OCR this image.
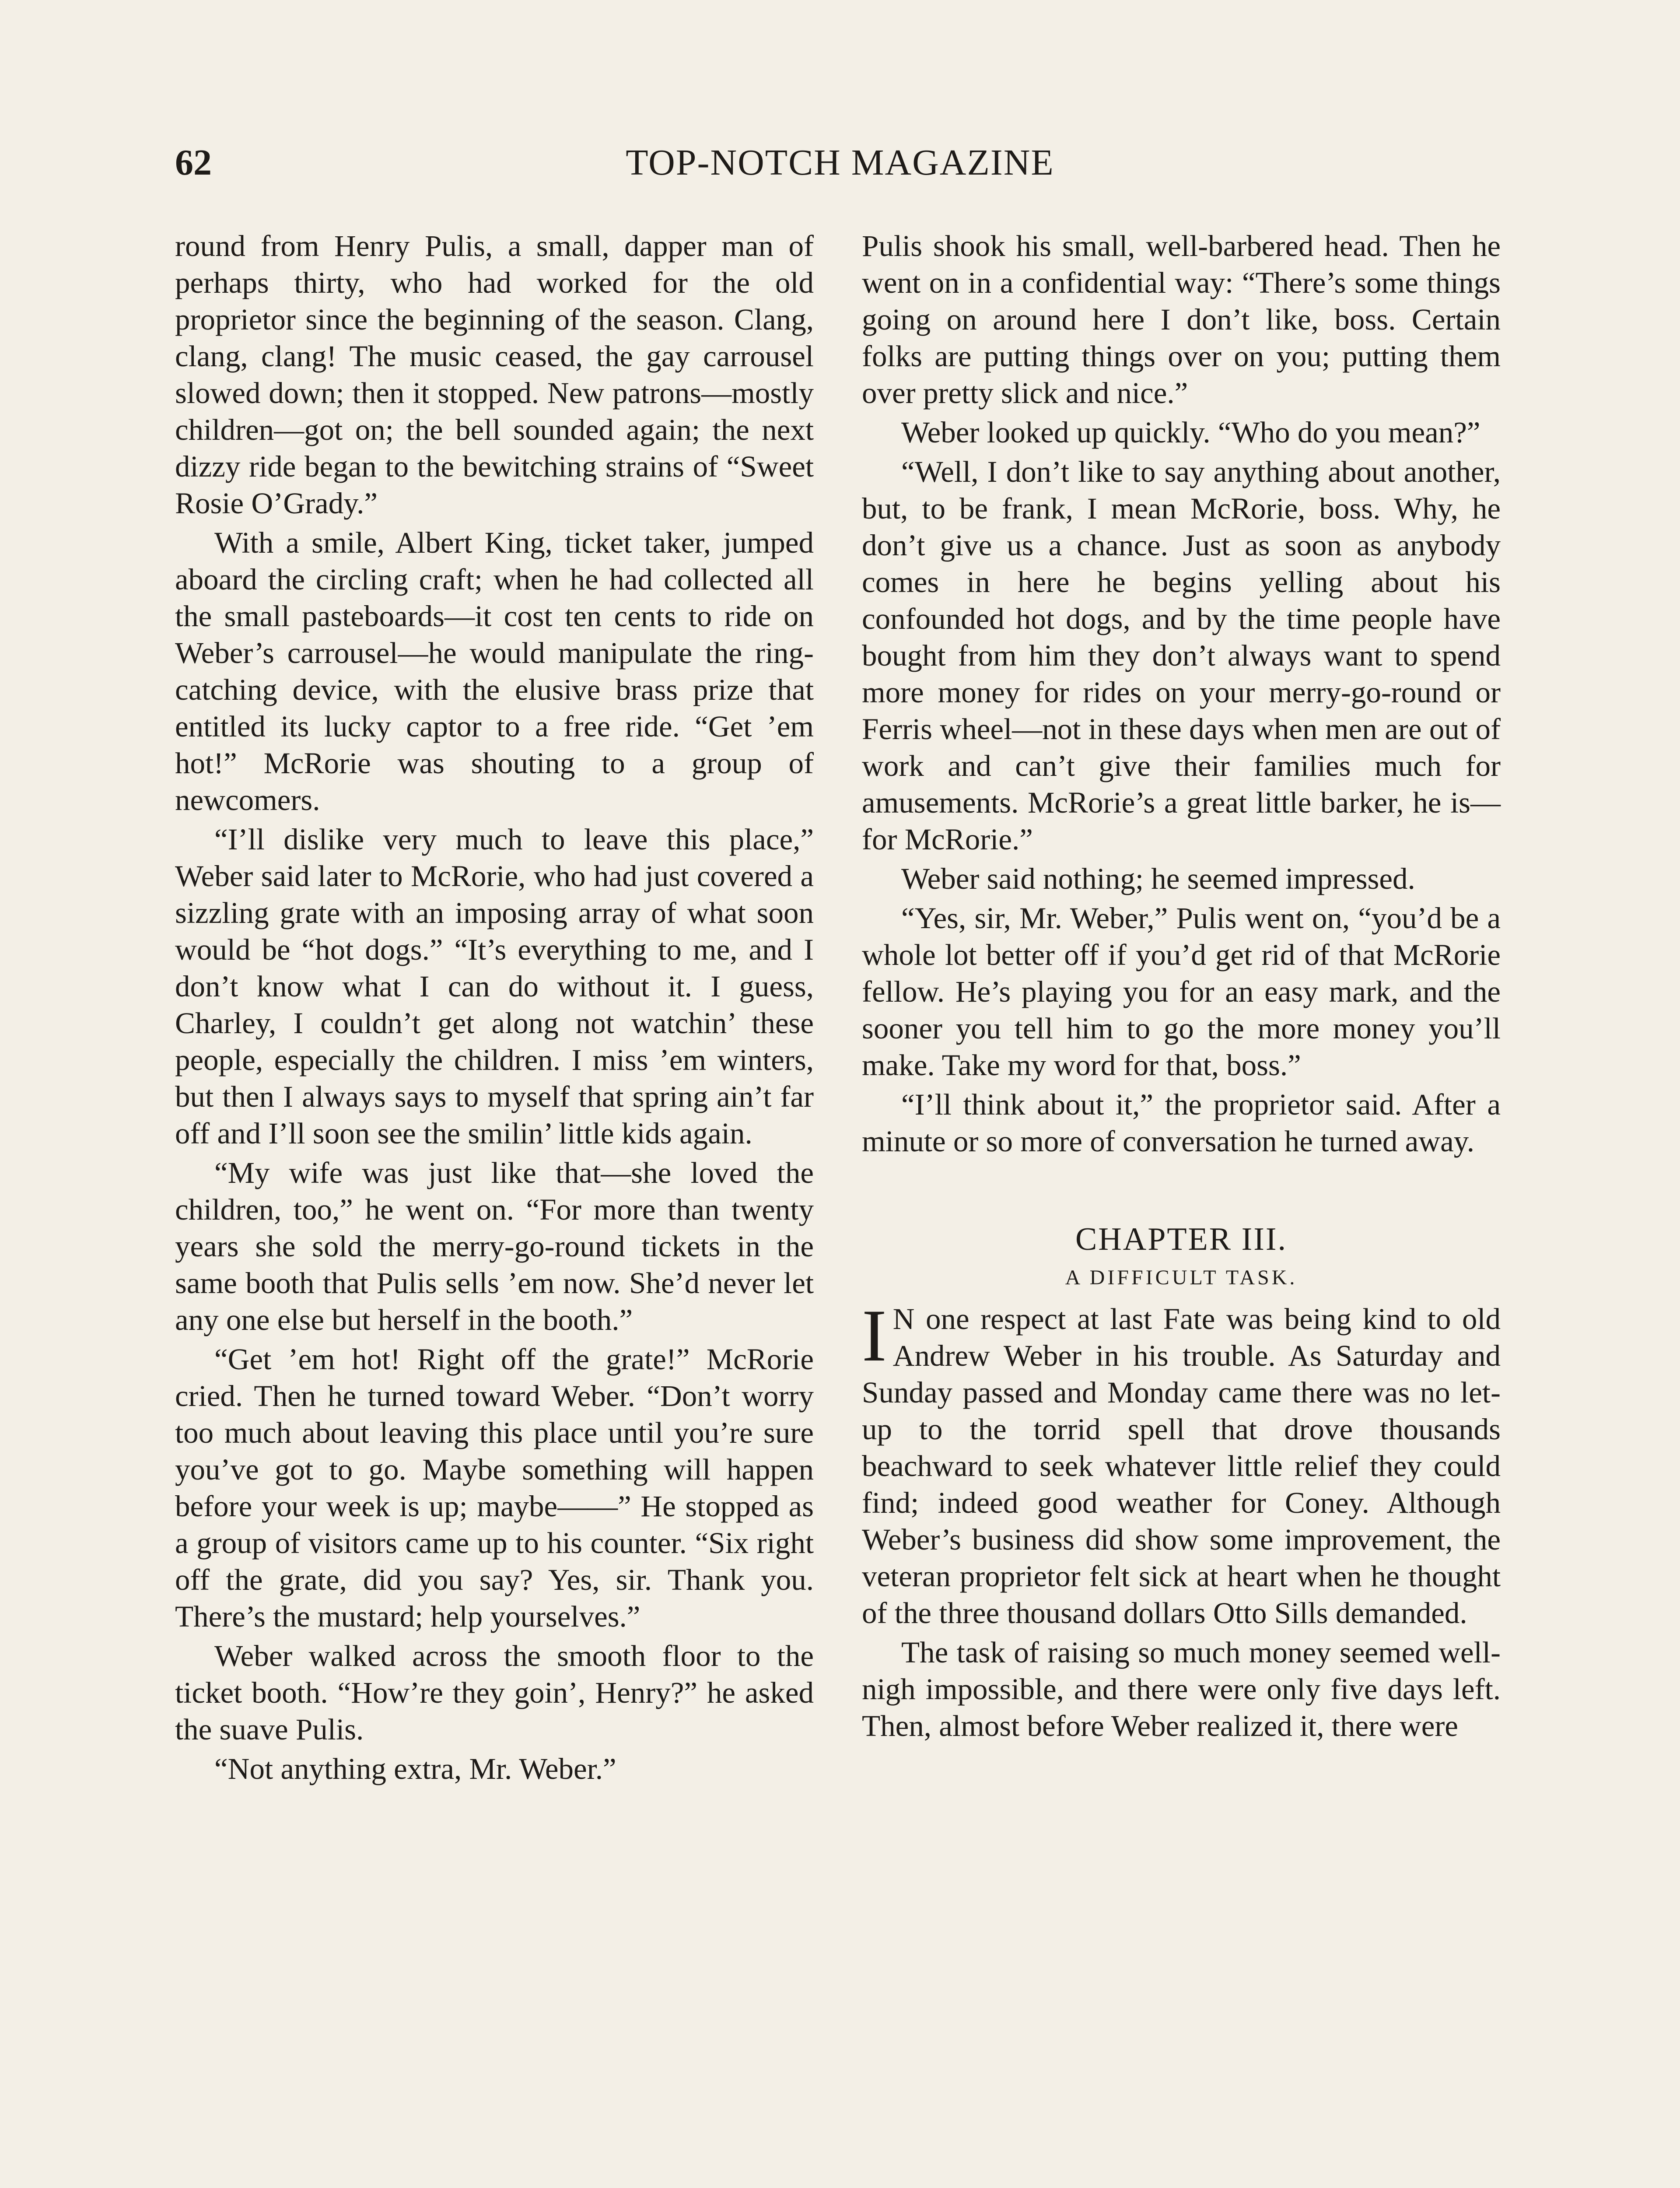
62	TOP-NOTCH MAGAZINE

round from Henry Pulis, a small, dapper man of perhaps thirty, who had worked for the old proprietor since the beginning of the season. Clang, clang, clang! The music ceased, the gay carrousel slowed down; then it stopped. New patrons—mostly children—got on; the bell sounded again; the next dizzy ride began to the bewitching strains of “Sweet Rosie O’Grady.”

With a smile, Albert King, ticket taker, jumped aboard the circling craft; when he had collected all the small pasteboards—it cost ten cents to ride on Weber’s carrousel—he would manipulate the ring-catching device, with the elusive brass prize that entitled its lucky captor to a free ride. “Get ’em hot!” McRorie was shouting to a group of newcomers.

“I’ll dislike very much to leave this place,” Weber said later to McRorie, who had just covered a sizzling grate with an imposing array of what soon would be “hot dogs.” “It’s everything to me, and I don’t know what I can do without it. I guess, Charley, I couldn’t get along not watchin’ these people, especially the children. I miss ’em winters, but then I always says to myself that spring ain’t far off and I’ll soon see the smilin’ little kids again.

“My wife was just like that—she loved the children, too,” he went on. “For more than twenty years she sold the merry-go-round tickets in the same booth that Pulis sells ’em now. She’d never let any one else but herself in the booth.”

“Get ’em hot! Right off the grate!” McRorie cried. Then he turned toward Weber. “Don’t worry too much about leaving this place until you’re sure you’ve got to go. Maybe something will happen before your week is up; maybe——” He stopped as a group of visitors came up to his counter. “Six right off the grate, did you say? Yes, sir. Thank you. There’s the mustard; help yourselves.”

Weber walked across the smooth floor to the ticket booth. “How’re they goin’, Henry?” he asked the suave Pulis.

“Not anything extra, Mr. Weber.”

Pulis shook his small, well-barbered head. Then he went on in a confidential way: “There’s some things going on around here I don’t like, boss. Certain folks are putting things over on you; putting them over pretty slick and nice.”

Weber looked up quickly. “Who do you mean?”

“Well, I don’t like to say anything about another, but, to be frank, I mean McRorie, boss. Why, he don’t give us a chance. Just as soon as anybody comes in here he begins yelling about his confounded hot dogs, and by the time people have bought from him they don’t always want to spend more money for rides on your merry-go-round or Ferris wheel—not in these days when men are out of work and can’t give their families much for amusements. McRorie’s a great little barker, he is—for McRorie.”

Weber said nothing; he seemed impressed.

“Yes, sir, Mr. Weber,” Pulis went on, “you’d be a whole lot better off if you’d get rid of that McRorie fellow. He’s playing you for an easy mark, and the sooner you tell him to go the more money you’ll make. Take my word for that, boss.”

“I’ll think about it,” the proprietor said. After a minute or so more of conversation he turned away.

CHAPTER III.
A DIFFICULT TASK.

I N one respect at last Fate was being kind to old Andrew Weber in his trouble. As Saturday and Sunday passed and Monday came there was no let-up to the torrid spell that drove thousands beachward to seek whatever little relief they could find; indeed good weather for Coney. Although Weber’s business did show some improvement, the veteran proprietor felt sick at heart when he thought of the three thousand dollars Otto Sills demanded.

The task of raising so much money seemed well-nigh impossible, and there were only five days left. Then, almost before Weber realized it, there were
